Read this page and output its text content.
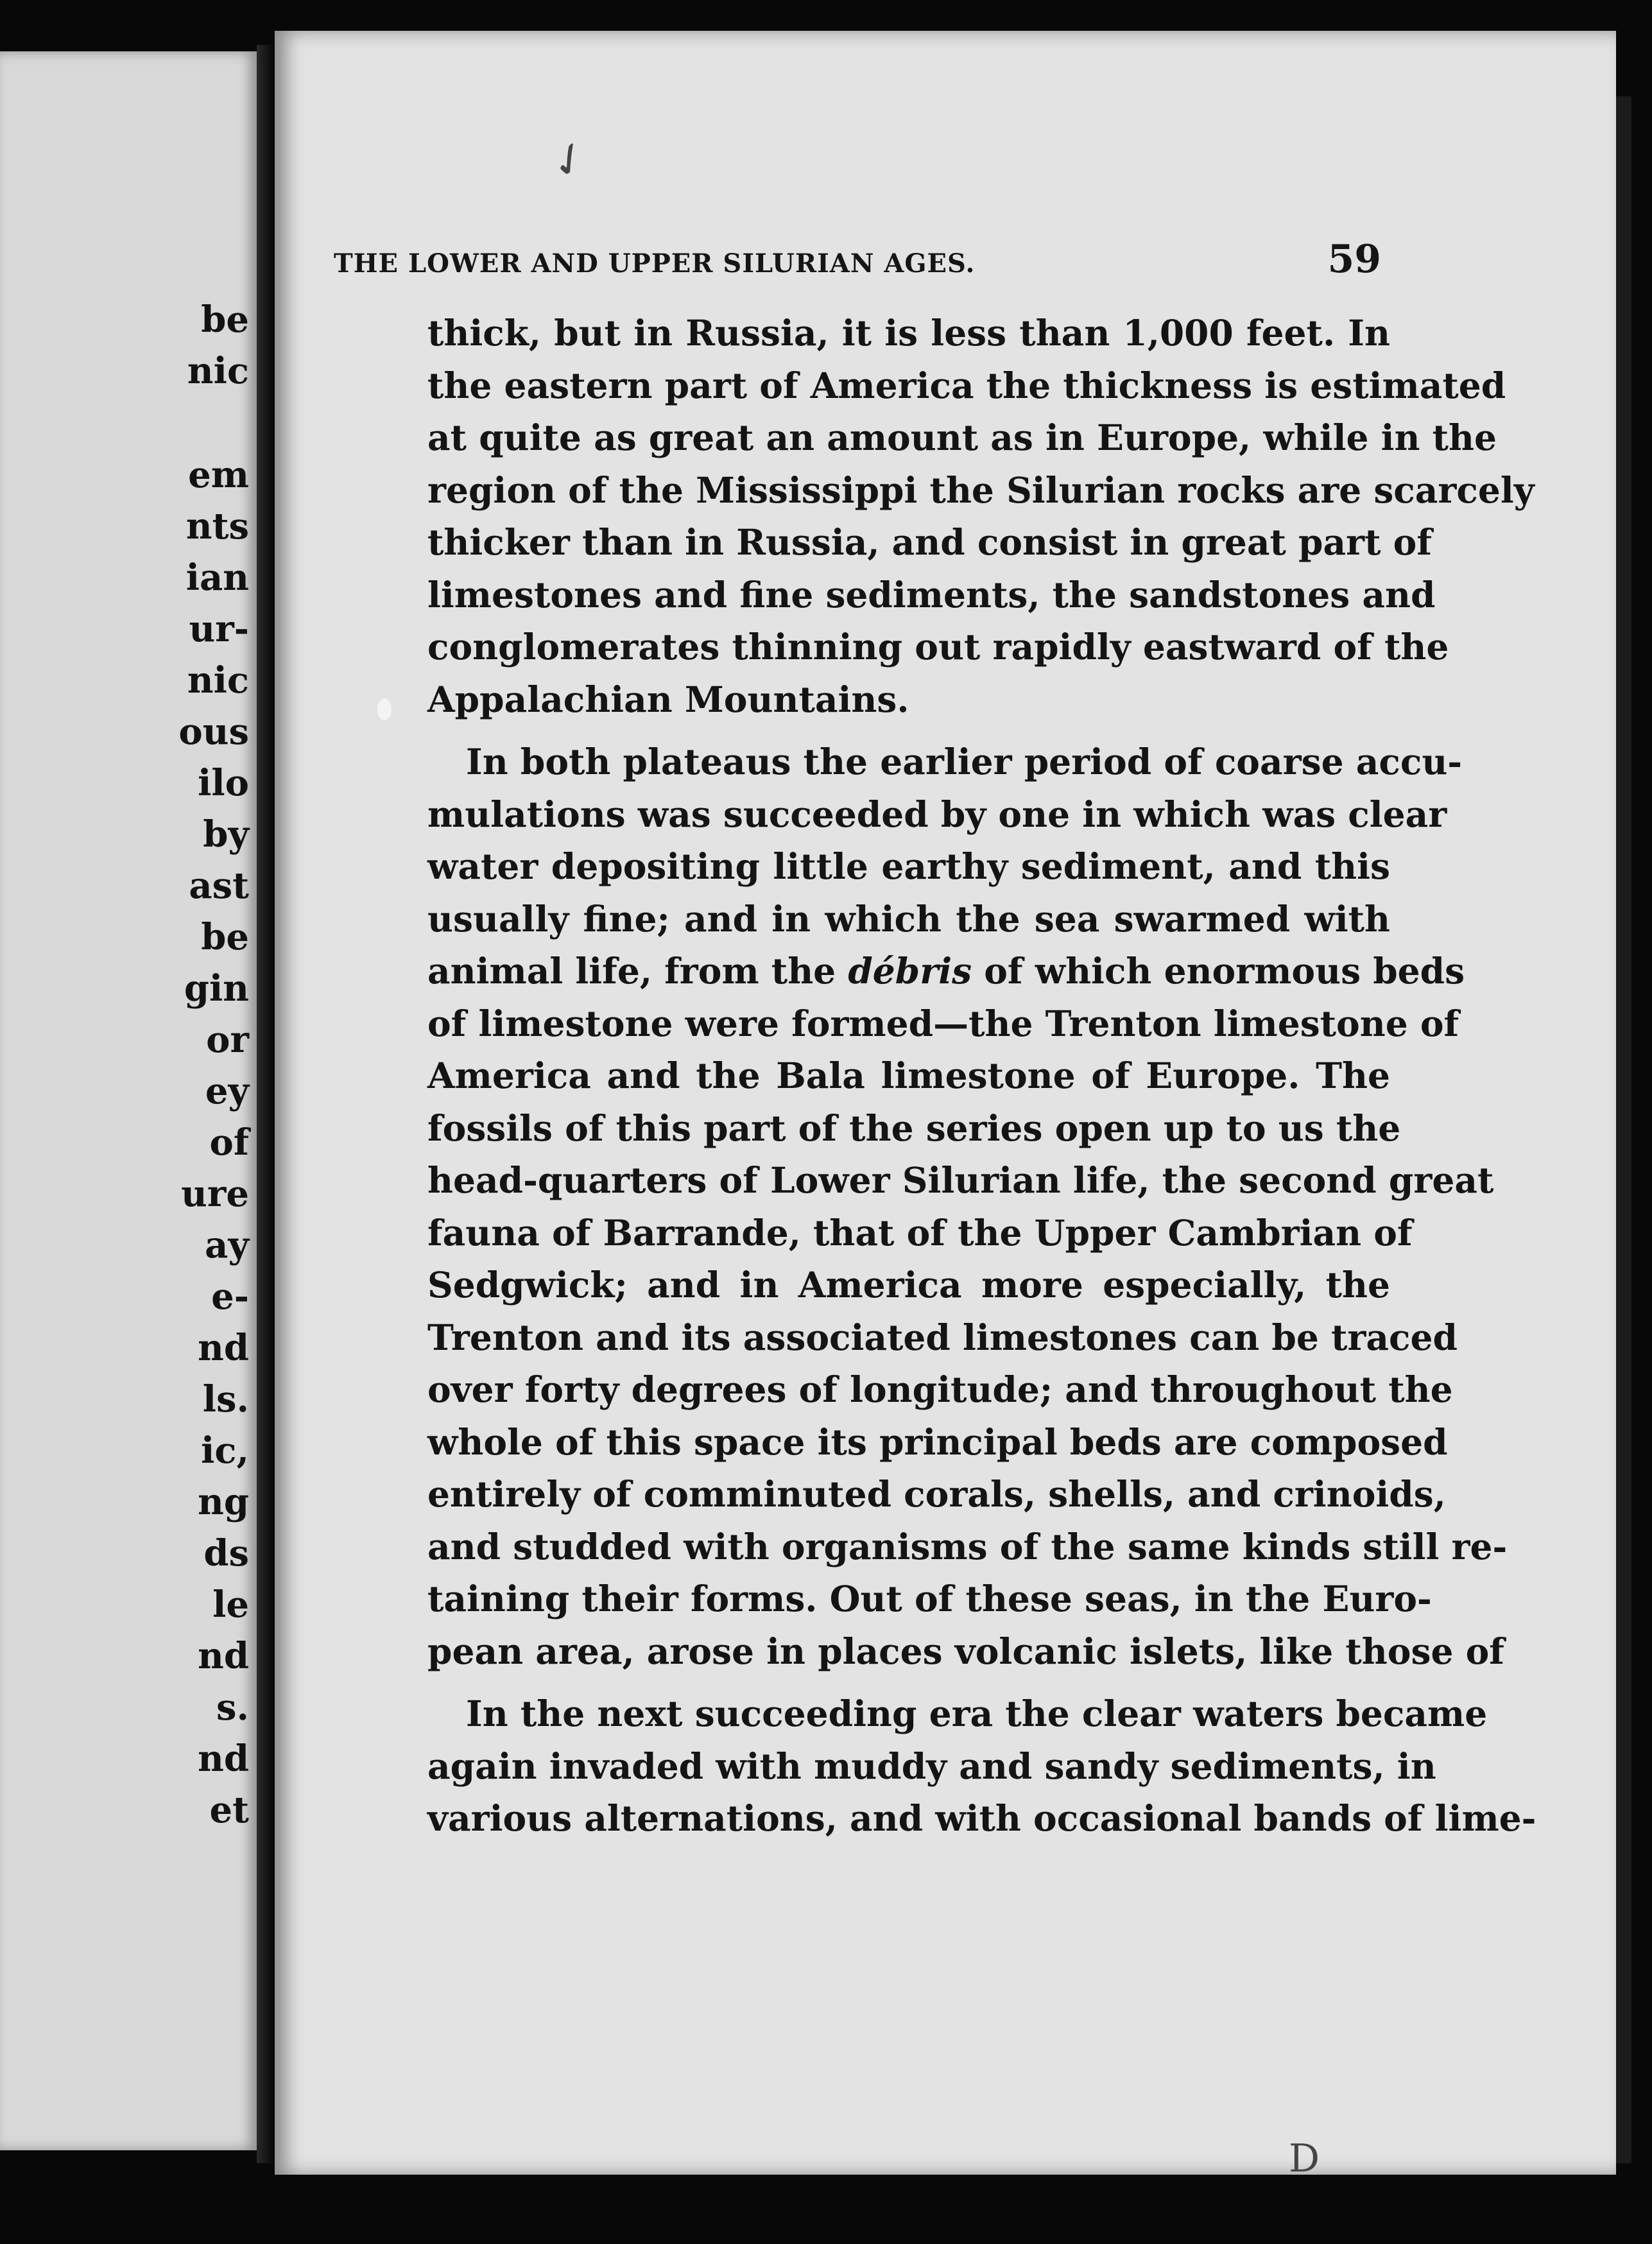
be
nic
em
nts
ian
ur-
nic
ous
ilo
by
ast
be
gin
or
ey
of
ure
ay
e-
nd
ls.
ic,
ng
ds
le
nd
s.
nd
et
✓
D
THE LOWER AND UPPER SILURIAN AGES.	59
thick, but in Russia, it is less than 1,000 feet. In
the eastern part of America the thickness is estimated
at quite as great an amount as in Europe, while in the
region of the Mississippi the Silurian rocks are scarcely
thicker than in Russia, and consist in great part of
limestones and fine sediments, the sandstones and
conglomerates thinning out rapidly eastward of the
Appalachian Mountains.
In both plateaus the earlier period of coarse accu-
mulations was succeeded by one in which was clear
water depositing little earthy sediment, and this
usually fine; and in which the sea swarmed with
animal life, from the débris of which enormous beds
of limestone were formed—the Trenton limestone of
America and the Bala limestone of Europe. The
fossils of this part of the series open up to us the
head-quarters of Lower Silurian life, the second great
fauna of Barrande, that of the Upper Cambrian of
Sedgwick; and in America more especially, the
Trenton and its associated limestones can be traced
over forty degrees of longitude; and throughout the
whole of this space its principal beds are composed
entirely of comminuted corals, shells, and crinoids,
and studded with organisms of the same kinds still re-
taining their forms. Out of these seas, in the Euro-
pean area, arose in places volcanic islets, like those of
In the next succeeding era the clear waters became
again invaded with muddy and sandy sediments, in
various alternations, and with occasional bands of lime-
